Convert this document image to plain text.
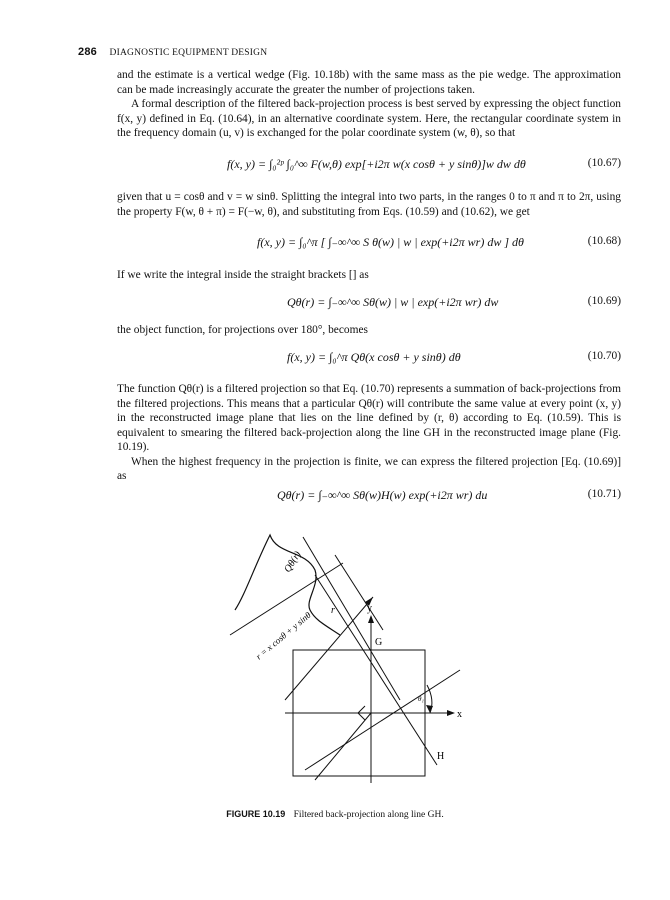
286 DIAGNOSTIC EQUIPMENT DESIGN

and the estimate is a vertical wedge (Fig. 10.18b) with the same mass as the pie wedge. The approximation can be made increasingly accurate the greater the number of projections taken.

A formal description of the filtered back-projection process is best served by expressing the object function f(x, y) defined in Eq. (10.64), in an alternative coordinate system. Here, the rectangular coordinate system in the frequency domain (u, v) is exchanged for the polar coordinate system (w, θ), so that

f(x, y) = ∫₀²ᵖ ∫₀^∞ F(w,θ) exp[+i2π w(x cosθ + y sinθ)]w dw dθ	(10.67)

given that u = cosθ and v = w sinθ. Splitting the integral into two parts, in the ranges 0 to π and π to 2π, using the property F(w, θ + π) = F(−w, θ), and substituting from Eqs. (10.59) and (10.62), we get

f(x, y) = ∫₀^π [ ∫₋∞^∞ S θ(w) | w | exp(+i2π wr) dw ] dθ	(10.68)

If we write the integral inside the straight brackets [] as

Qθ(r) = ∫₋∞^∞ Sθ(w) | w | exp(+i2π wr) dw	(10.69)

the object function, for projections over 180°, becomes

f(x, y) = ∫₀^π Qθ(x cosθ + y sinθ) dθ	(10.70)

The function Qθ(r) is a filtered projection so that Eq. (10.70) represents a summation of back-projections from the filtered projections. This means that a particular Qθ(r) will contribute the same value at every point (x, y) in the reconstructed image plane that lies on the line defined by (r, θ) according to Eq. (10.59). This is equivalent to smearing the filtered back-projection along the line GH in the reconstructed image plane (Fig. 10.19).

When the highest frequency in the projection is finite, we can express the filtered projection [Eq. (10.69)] as

Qθ(r) = ∫₋∞^∞ Sθ(w)H(w) exp(+i2π wr) du	(10.71)
Qθ(r)
r
r = x cosθ + y sinθ
y
x
G
H
θ₁
FIGURE 10.19 Filtered back-projection along line GH.
